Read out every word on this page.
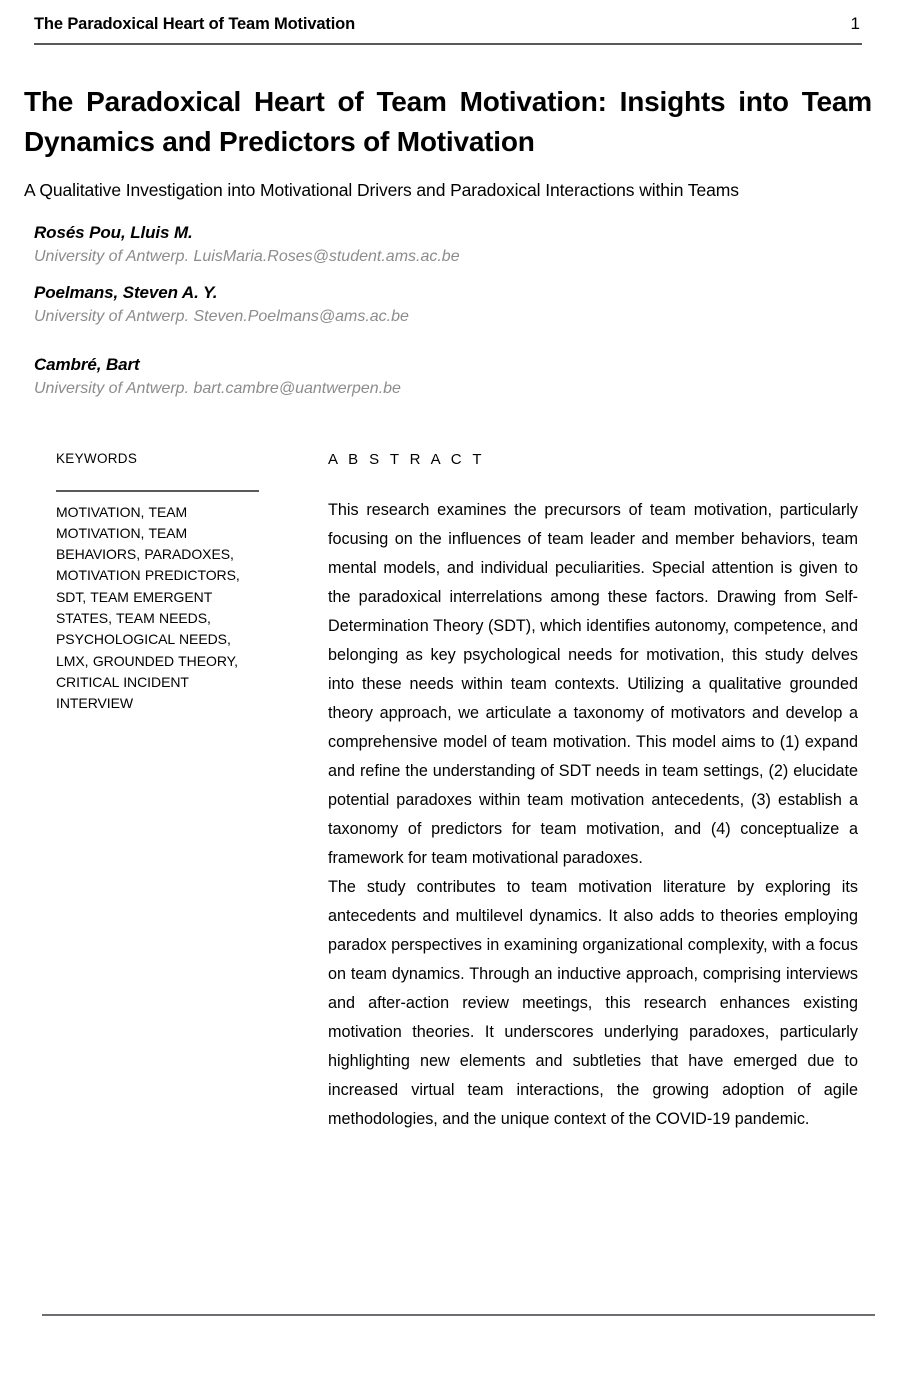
The Paradoxical Heart of Team Motivation	1
The Paradoxical Heart of Team Motivation: Insights into Team Dynamics and Predictors of Motivation

A Qualitative Investigation into Motivational Drivers and Paradoxical Interactions within Teams

Rosés Pou, Lluis M.

University of Antwerp. LuisMaria.Roses@student.ams.ac.be

Poelmans, Steven A. Y.

University of Antwerp. Steven.Poelmans@ams.ac.be

Cambré, Bart

University of Antwerp. bart.cambre@uantwerpen.be

KEYWORDS

MOTIVATION, TEAM MOTIVATION, TEAM BEHAVIORS, PARADOXES, MOTIVATION PREDICTORS, SDT, TEAM EMERGENT STATES, TEAM NEEDS, PSYCHOLOGICAL NEEDS, LMX, GROUNDED THEORY, CRITICAL INCIDENT INTERVIEW

A B S T R A C T

This research examines the precursors of team motivation, particularly focusing on the influences of team leader and member behaviors, team mental models, and individual peculiarities. Special attention is given to the paradoxical interrelations among these factors. Drawing from Self-Determination Theory (SDT), which identifies autonomy, competence, and belonging as key psychological needs for motivation, this study delves into these needs within team contexts. Utilizing a qualitative grounded theory approach, we articulate a taxonomy of motivators and develop a comprehensive model of team motivation. This model aims to (1) expand and refine the understanding of SDT needs in team settings, (2) elucidate potential paradoxes within team motivation antecedents, (3) establish a taxonomy of predictors for team motivation, and (4) conceptualize a framework for team motivational paradoxes.

The study contributes to team motivation literature by exploring its antecedents and multilevel dynamics. It also adds to theories employing paradox perspectives in examining organizational complexity, with a focus on team dynamics. Through an inductive approach, comprising interviews and after-action review meetings, this research enhances existing motivation theories. It underscores underlying paradoxes, particularly highlighting new elements and subtleties that have emerged due to increased virtual team interactions, the growing adoption of agile methodologies, and the unique context of the COVID-19 pandemic.
